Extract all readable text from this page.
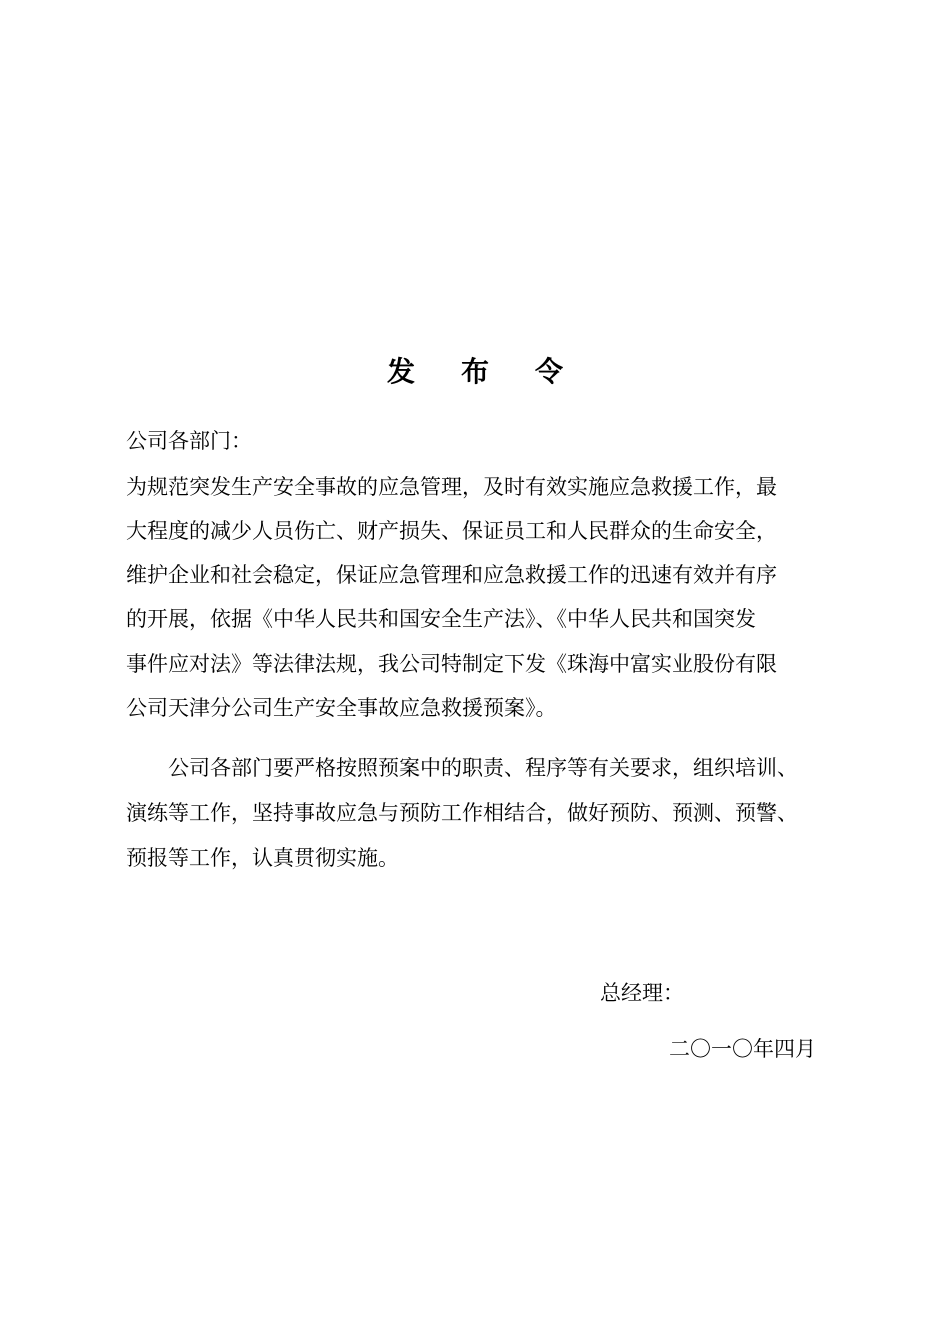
发布令
公司各部门：
为规范突发生产安全事故的应急管理，及时有效实施应急救援工作，最
大程度的减少人员伤亡、财产损失、保证员工和人民群众的生命安全，
维护企业和社会稳定，保证应急管理和应急救援工作的迅速有效并有序
的开展，依据《中华人民共和国安全生产法》、《中华人民共和国突发
事件应对法》等法律法规，我公司特制定下发《珠海中富实业股份有限
公司天津分公司生产安全事故应急救援预案》。
公司各部门要严格按照预案中的职责、程序等有关要求，组织培训、
演练等工作，坚持事故应急与预防工作相结合，做好预防、预测、预警、
预报等工作，认真贯彻实施。
总经理：
二〇一〇年四月
